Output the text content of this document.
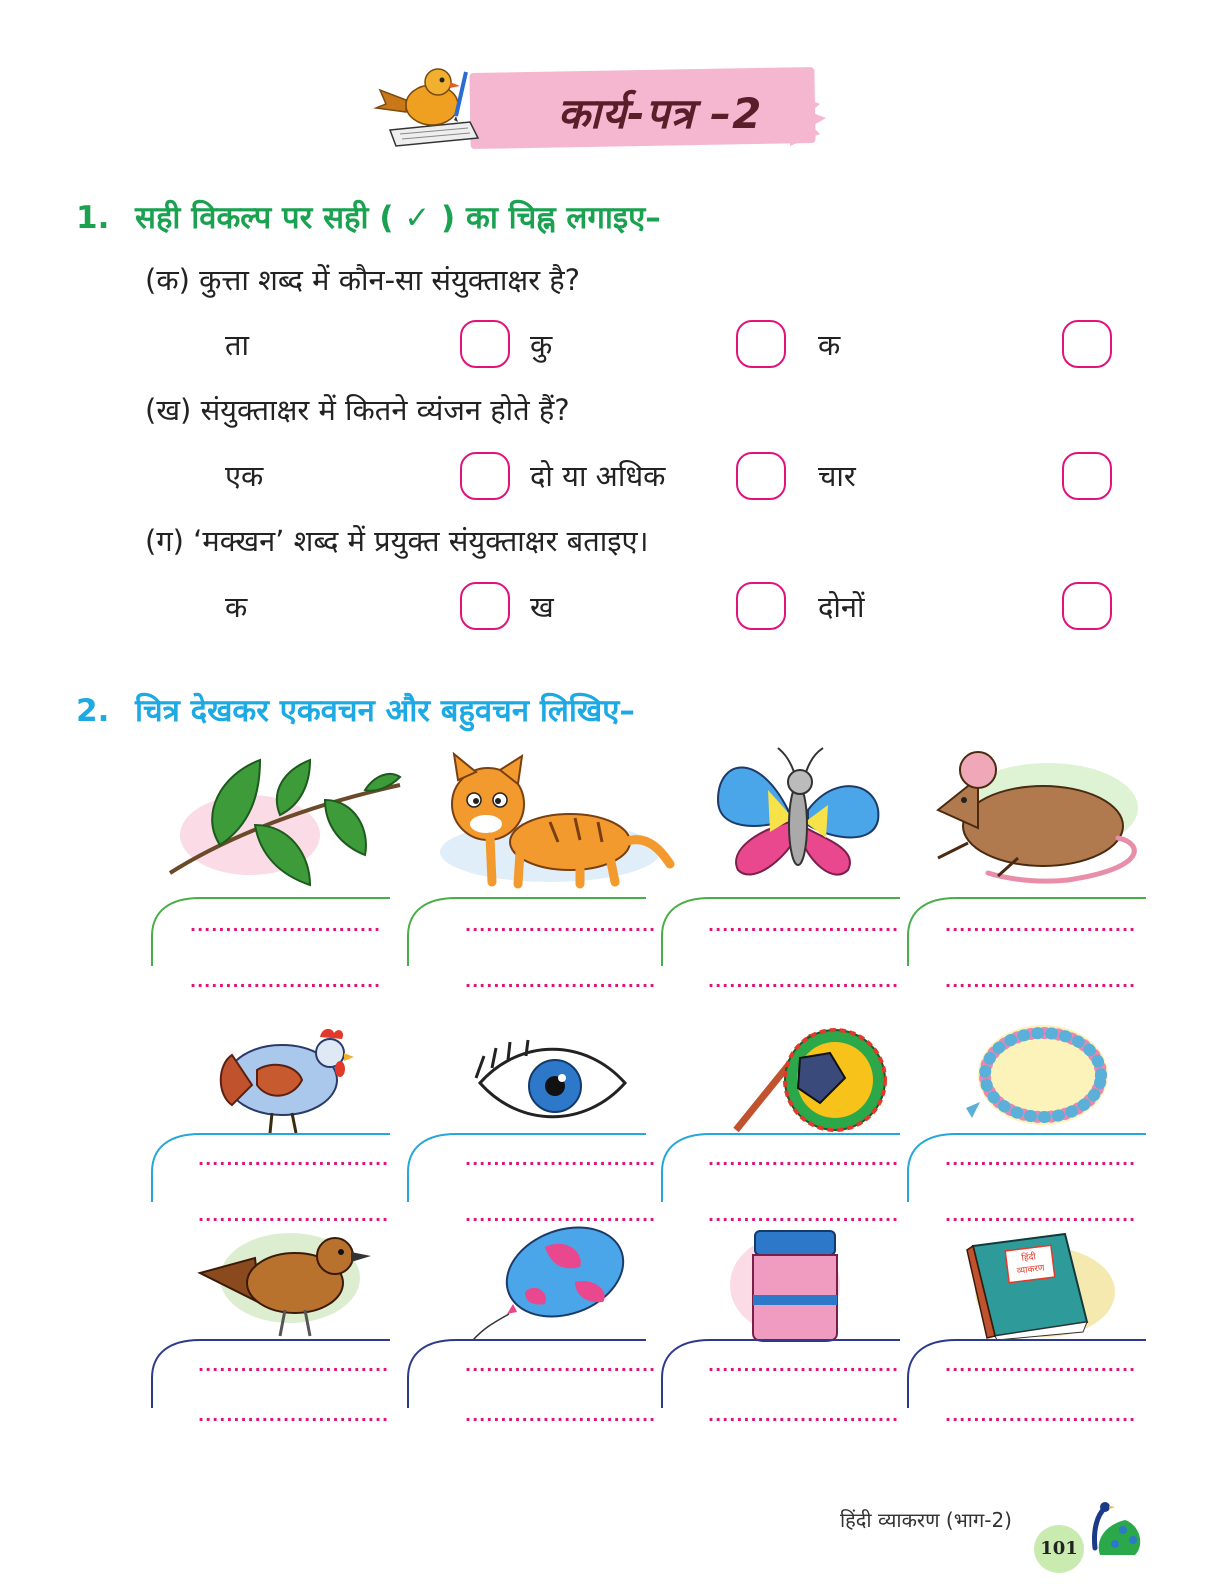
कार्य-पत्र –2
1. सही विकल्प पर सही ( ✓ ) का चिह्न लगाइए–
(क) कुत्ता शब्द में कौन-सा संयुक्ताक्षर है?
ता	कु	क
(ख) संयुक्ताक्षर में कितने व्यंजन होते हैं?
एक	दो या अधिक	चार
(ग) ‘मक्खन’ शब्द में प्रयुक्त संयुक्ताक्षर बताइए।
क	ख	दोनों
2. चित्र देखकर एकवचन और बहुवचन लिखिए–
...........................
...........................
...........................
...........................
...........................
...........................
...........................
...........................
...........................
...........................
...........................
...........................
...........................
...........................
...........................
...........................
हिंदी
व्याकरण
...........................
...........................
...........................
...........................
...........................
...........................
...........................
...........................
हिंदी व्याकरण (भाग-2)
101
